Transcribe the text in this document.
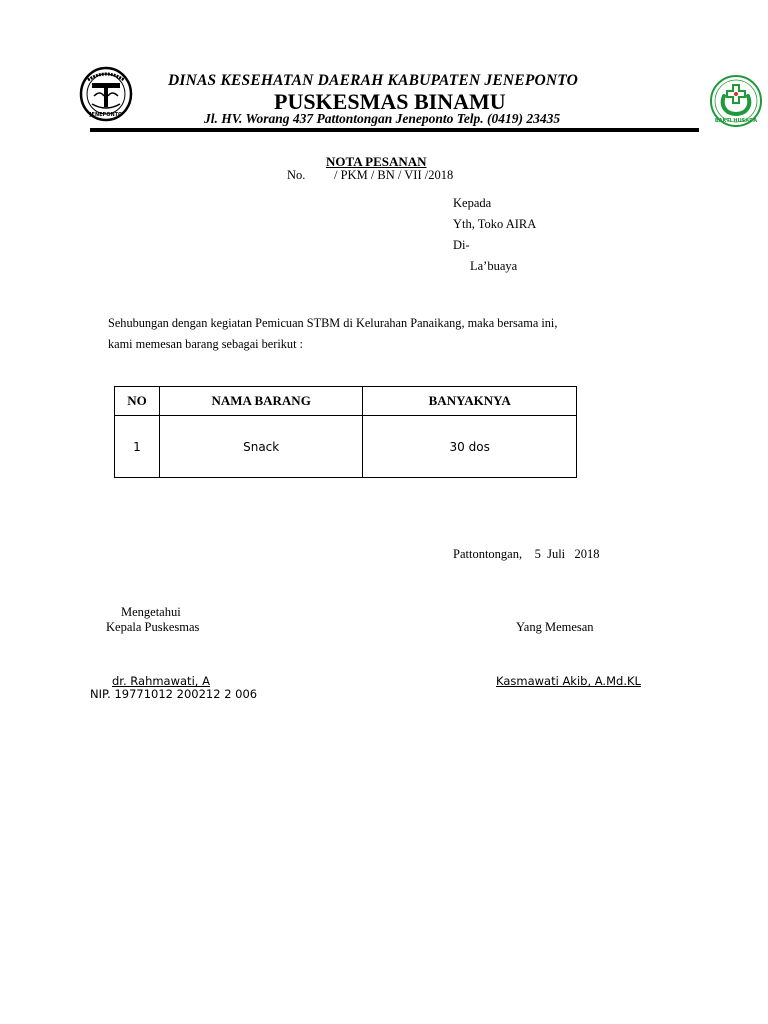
JENEPONTO
DINAS KESEHATAN DAERAH KABUPATEN JENEPONTO
PUSKESMAS BINAMU
Jl. HV. Worang 437 Pattontongan Jeneponto Telp. (0419) 23435	BAKTI HUSADA
NOTA PESANAN
No. / PKM / BN / VII /2018
Kepada
Yth, Toko AIRA
Di-
La’buaya
Sehubungan dengan kegiatan Pemicuan STBM di Kelurahan Panaikang, maka bersama ini,
kami memesan barang sebagai berikut :
NO	NAMA BARANG	BANYAKNYA
1	Snack	30 dos
Pattontongan,    5  Juli   2018
Mengetahui
Kepala Puskesmas	Yang Memesan
dr. Rahmawati, A
NIP. 19771012 200212 2 006
Kasmawati Akib, A.Md.KL
